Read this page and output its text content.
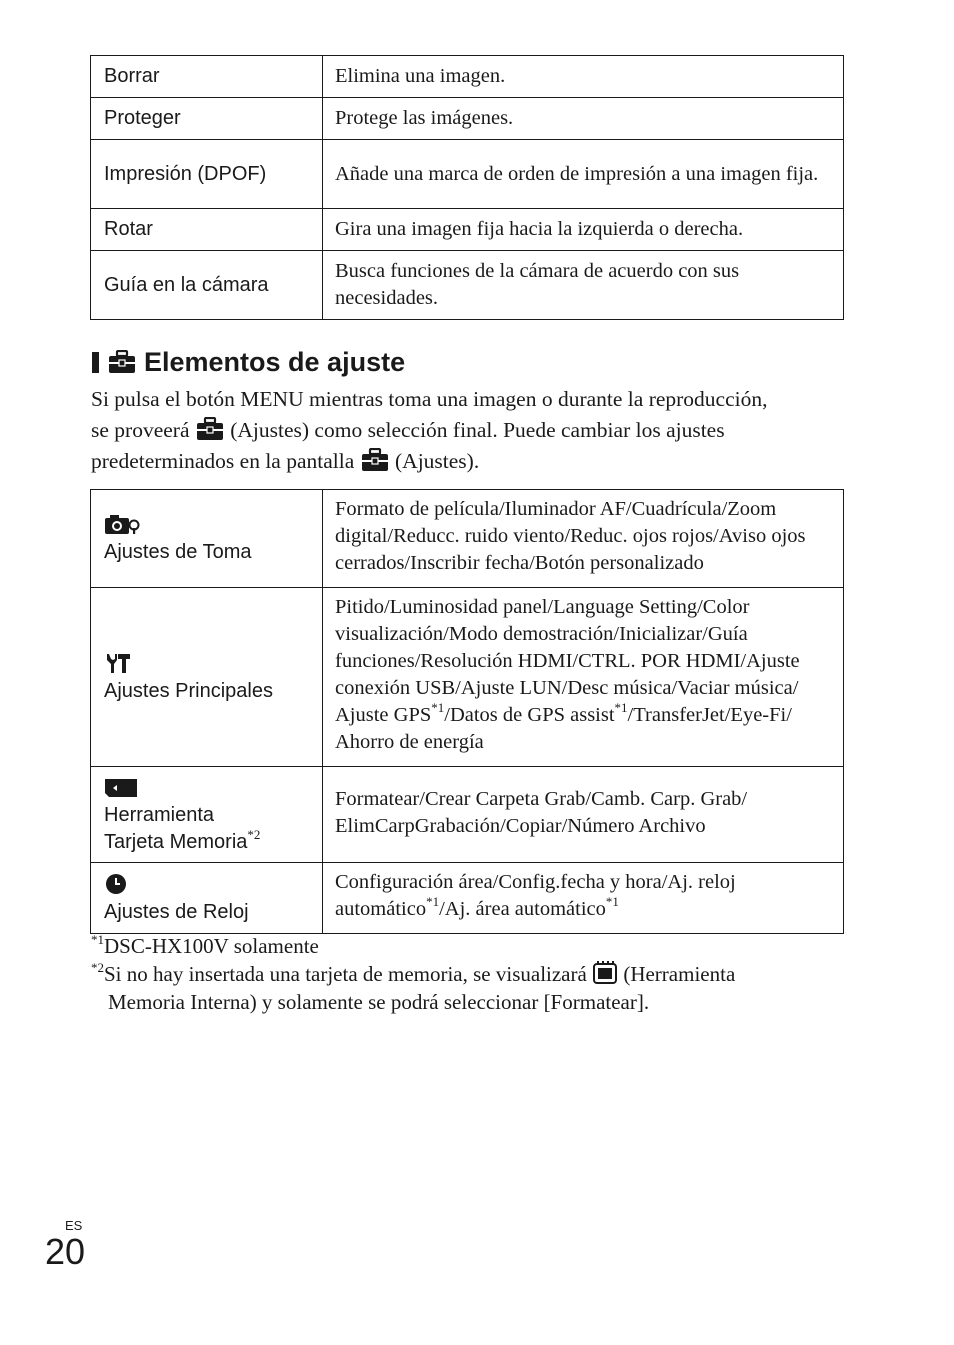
Borrar	Elimina una imagen.
Proteger	Protege las imágenes.
Impresión (DPOF)	Añade una marca de orden de impresión a una imagen fija.
Rotar	Gira una imagen fija hacia la izquierda o derecha.
Guía en la cámara	Busca funciones de la cámara de acuerdo con sus necesidades.
Elementos de ajuste
Si pulsa el botón MENU mientras toma una imagen o durante la reproducción,
se proveerá (Ajustes) como selección final. Puede cambiar los ajustes
predeterminados en la pantalla (Ajustes).
Ajustes de Toma	Formato de película/Iluminador AF/Cuadrícula/Zoom digital/Reducc. ruido viento/Reduc. ojos rojos/Aviso ojos cerrados/Inscribir fecha/Botón personalizado

Ajustes Principales	Pitido/Luminosidad panel/Language Setting/Color visualización/Modo demostración/Inicializar/Guía funciones/Resolución HDMI/CTRL. POR HDMI/Ajuste conexión USB/Ajuste LUN/Desc música/Vaciar música/ Ajuste GPS$^{*1}$/Datos de GPS assist$^{*1}$/TransferJet/Eye-Fi/ Ahorro de energía

Herramienta
Tarjeta Memoria$^{*2}$	Formatear/Crear Carpeta Grab/Camb. Carp. Grab/ ElimCarpGrabación/Copiar/Número Archivo

Ajustes de Reloj	Configuración área/Config.fecha y hora/Aj. reloj automático$^{*1}$/Aj. área automático$^{*1}$
$^{*1}$DSC-HX100V solamente
$^{*2}$Si no hay insertada una tarjeta de memoria, se visualizará (Herramienta
Memoria Interna) y solamente se podrá seleccionar [Formatear].
ES
20
